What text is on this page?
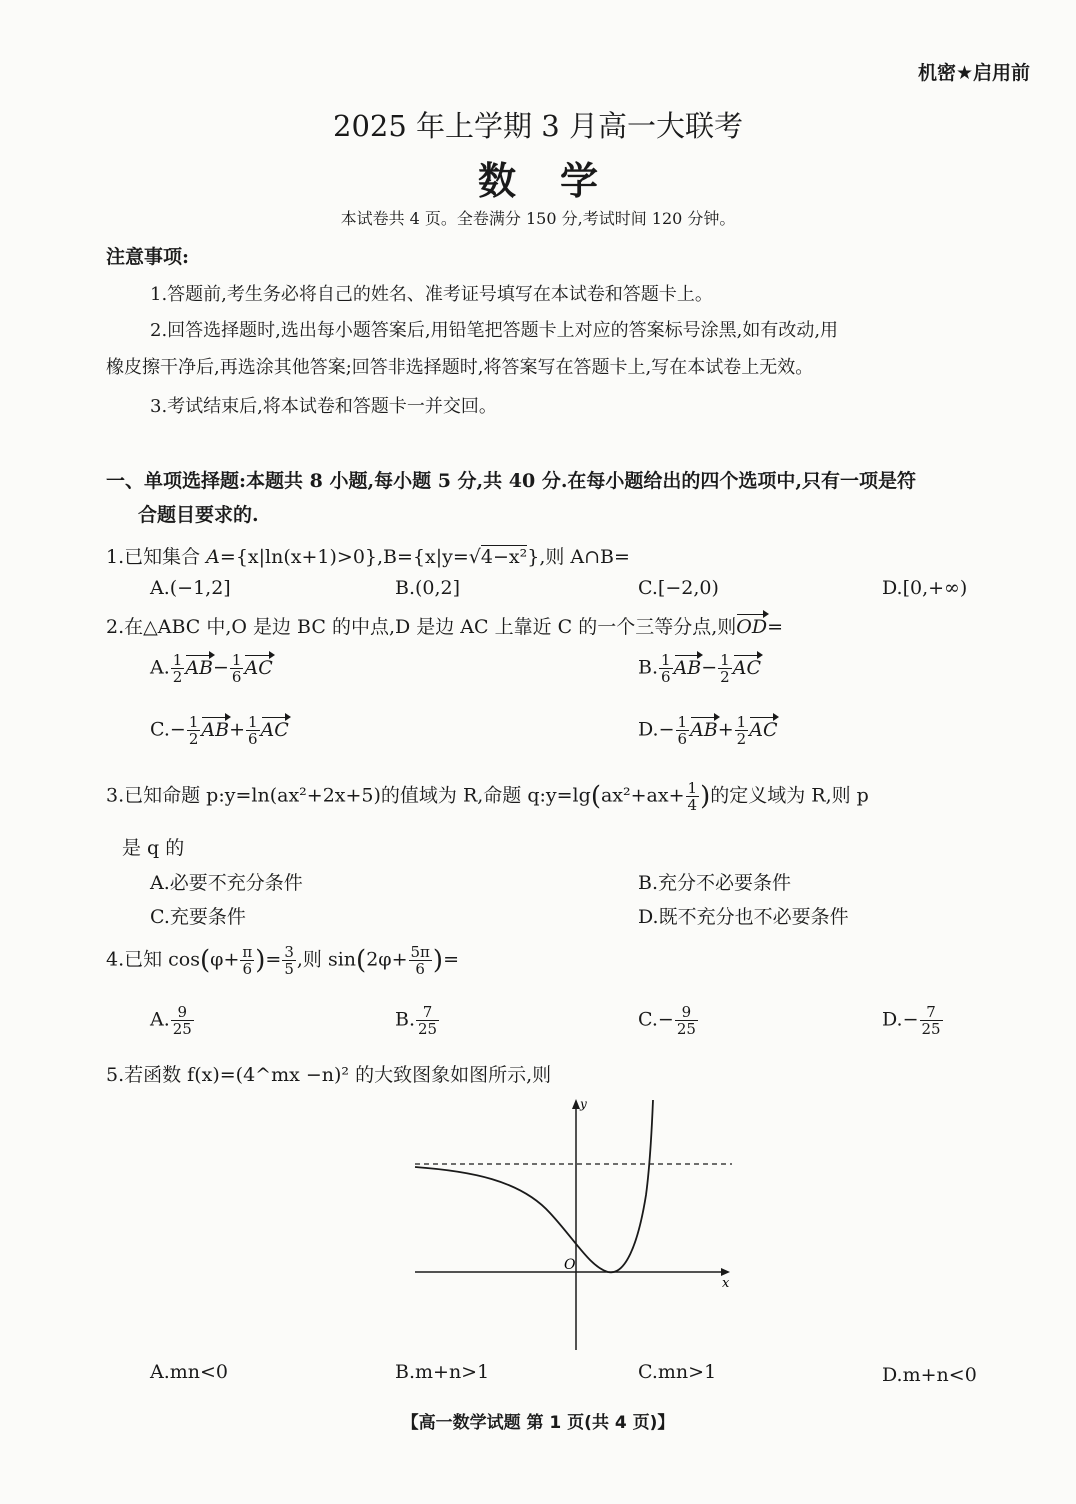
机密★启用前
2025 年上学期 3 月高一大联考
数学
本试卷共 4 页。全卷满分 150 分,考试时间 120 分钟。
注意事项:
1.答题前,考生务必将自己的姓名、准考证号填写在本试卷和答题卡上。
2.回答选择题时,选出每小题答案后,用铅笔把答题卡上对应的答案标号涂黑,如有改动,用
橡皮擦干净后,再选涂其他答案;回答非选择题时,将答案写在答题卡上,写在本试卷上无效。
3.考试结束后,将本试卷和答题卡一并交回。
一、单项选择题:本题共 8 小题,每小题 5 分,共 40 分.在每小题给出的四个选项中,只有一项是符
合题目要求的.
1.已知集合 A={x|ln(x+1)>0},B={x|y=√4−x²},则 A∩B=
A.(−1,2]	B.(0,2]	C.[−2,0)	D.[0,+∞)
2.在△ABC 中,O 是边 BC 的中点,D 是边 AC 上靠近 C 的一个三等分点,则OD=
A. $\frac{1}{2} AB- \frac{1}{6}$ AC	B. $\frac{1}{6} AB- \frac{1}{2}$ AC
$C.- \frac{1}{2} AB+ \frac{1}{6}$ AC	$D.- \frac{1}{6} AB+ \frac{1}{2}$ AC
3.已知命题 p:y=ln(ax²+2x+5)的值域为 R,命题 q:y=lg(ax²+ax+ $\frac{1}{4}$ )的定义域为 R,则 p
是 q 的
A.必要不充分条件	B.充分不必要条件
C.充要条件	D.既不充分也不必要条件
4.已知 $\cos(\varphi+ \frac{\pi}{6}$ )= $\frac{3}{5}$ ,则 $\sin(2\varphi+ \frac{5\pi}{6}$ )=
A. $\frac{9}{25}$	B. $\frac{7}{25}$	$C.- \frac{9}{25}$	$D.- \frac{7}{25}$
5.若函数 f(x)=(4^mx −n)² 的大致图象如图所示,则
y
x
O
A.mn<0	B.m+n>1	C.mn>1	D.m+n<0
【高一数学试题 第 1 页(共 4 页)】
